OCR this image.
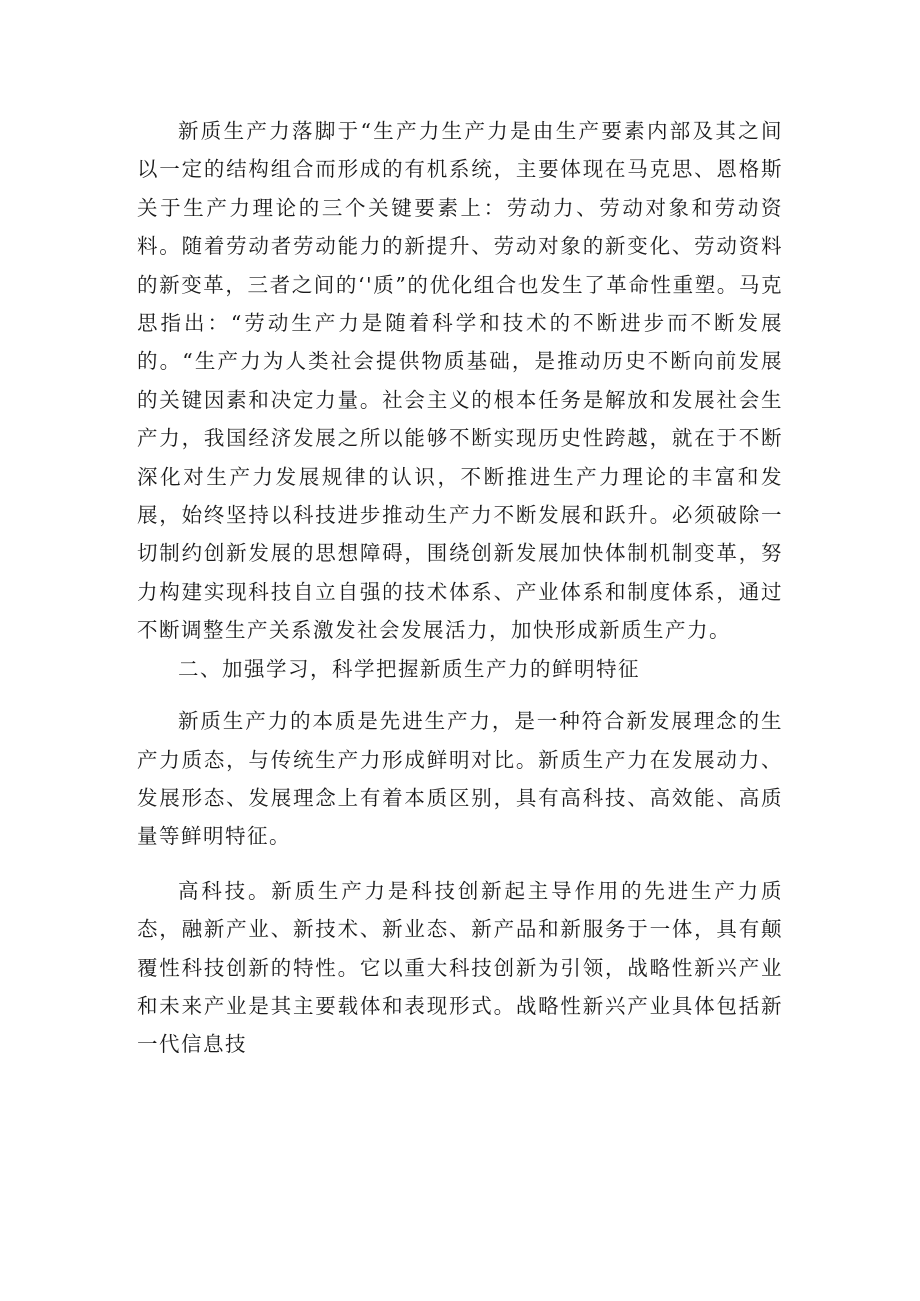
新质生产力落脚于“生产力生产力是由生产要素内部及其之间以一定的结构组合而形成的有机系统，主要体现在马克思、恩格斯关于生产力理论的三个关键要素上：劳动力、劳动对象和劳动资料。随着劳动者劳动能力的新提升、劳动对象的新变化、劳动资料的新变革，三者之间的‘'质”的优化组合也发生了革命性重塑。马克思指出：“劳动生产力是随着科学和技术的不断进步而不断发展的。“生产力为人类社会提供物质基础，是推动历史不断向前发展的关键因素和决定力量。社会主义的根本任务是解放和发展社会生产力，我国经济发展之所以能够不断实现历史性跨越，就在于不断深化对生产力发展规律的认识，不断推进生产力理论的丰富和发展，始终坚持以科技进步推动生产力不断发展和跃升。必须破除一切制约创新发展的思想障碍，围绕创新发展加快体制机制变革，努力构建实现科技自立自强的技术体系、产业体系和制度体系，通过不断调整生产关系激发社会发展活力，加快形成新质生产力。

二、加强学习，科学把握新质生产力的鲜明特征

新质生产力的本质是先进生产力，是一种符合新发展理念的生产力质态，与传统生产力形成鲜明对比。新质生产力在发展动力、发展形态、发展理念上有着本质区别，具有高科技、高效能、高质量等鲜明特征。

高科技。新质生产力是科技创新起主导作用的先进生产力质态，融新产业、新技术、新业态、新产品和新服务于一体，具有颠覆性科技创新的特性。它以重大科技创新为引领，战略性新兴产业和未来产业是其主要载体和表现形式。战略性新兴产业具体包括新一代信息技
